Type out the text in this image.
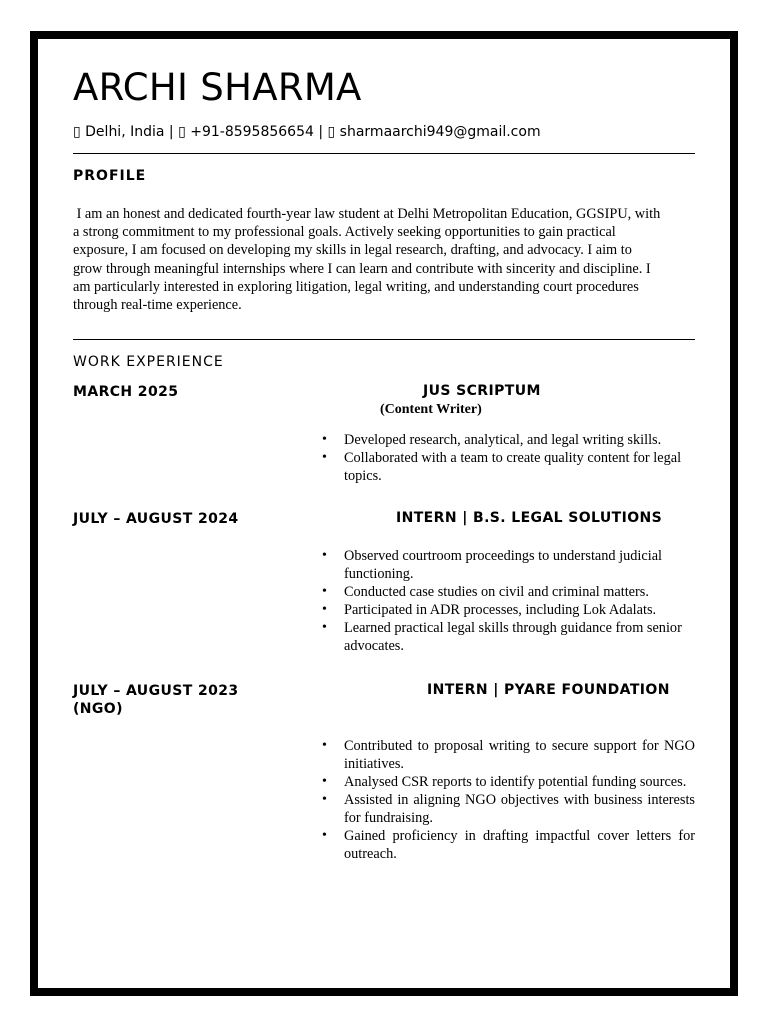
ARCHI SHARMA
▯ Delhi, India | ▯ +91-8595856654 | ▯ sharmaarchi949@gmail.com
PROFILE

I am an honest and dedicated fourth-year law student at Delhi Metropolitan Education, GGSIPU, with
a strong commitment to my professional goals. Actively seeking opportunities to gain practical
exposure, I am focused on developing my skills in legal research, drafting, and advocacy. I aim to
grow through meaningful internships where I can learn and contribute with sincerity and discipline. I
am particularly interested in exploring litigation, legal writing, and understanding court procedures
through real-time experience.

WORK EXPERIENCE
MARCH 2025	JUS SCRIPTUM
(Content Writer)
• Developed research, analytical, and legal writing skills.
• Collaborated with a team to create quality content for legal topics.
JULY – AUGUST 2024	INTERN | B.S. LEGAL SOLUTIONS
• Observed courtroom proceedings to understand judicial functioning.
• Conducted case studies on civil and criminal matters.
• Participated in ADR processes, including Lok Adalats.
• Learned practical legal skills through guidance from senior advocates.
JULY – AUGUST 2023
(NGO)
INTERN | PYARE FOUNDATION
• Contributed to proposal writing to secure support for NGO initiatives.
• Analysed CSR reports to identify potential funding sources.
• Assisted in aligning NGO objectives with business interests for fundraising.
• Gained proficiency in drafting impactful cover letters for outreach.
